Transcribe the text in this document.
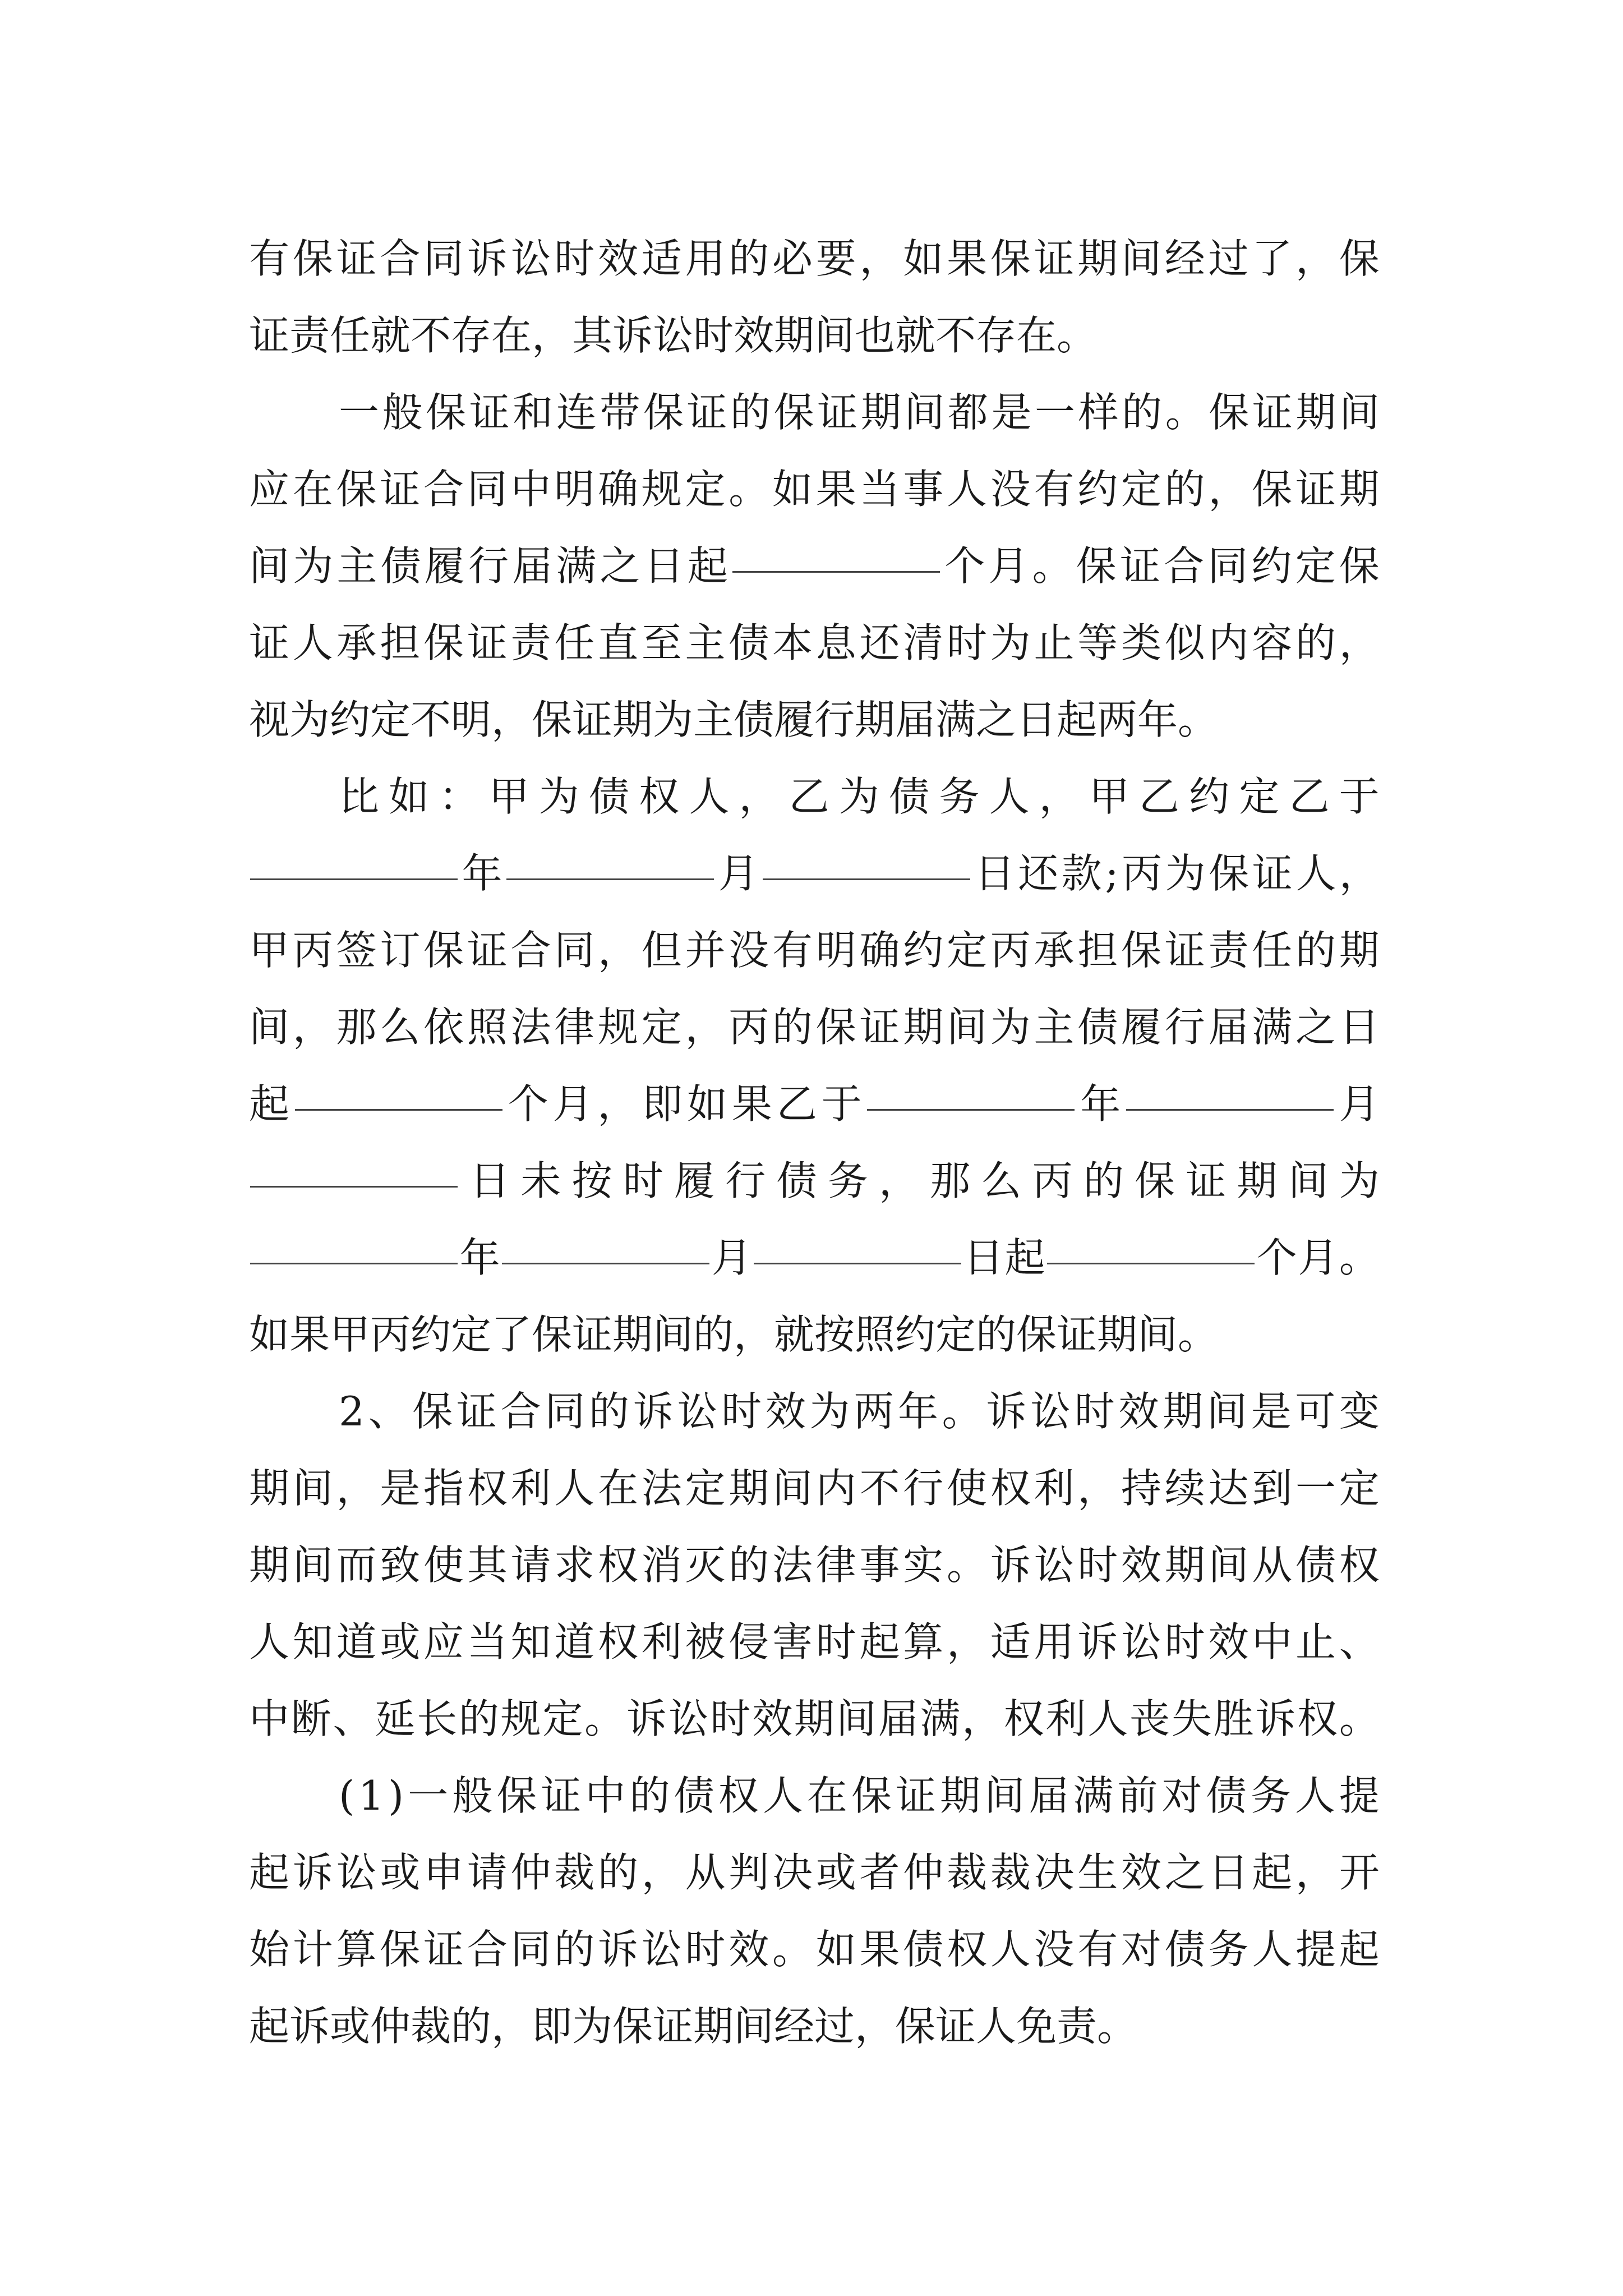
有 保 证 合 同 诉 讼 时 效 适 用 的 必 要 ， 如 果 保 证 期 间 经 过 了 ， 保
证责任就不存在，其诉讼时效期间也就不存在。
一 般 保 证 和 连 带 保 证 的 保 证 期 间 都 是 一 样 的 。 保 证 期 间
应 在 保 证 合 同 中 明 确 规 定 。 如 果 当 事 人 没 有 约 定 的 ， 保 证 期
间 为 主 债 履 行 届 满 之 日 起	个 月 。 保 证 合 同 约 定 保
证 人 承 担 保 证 责 任 直 至 主 债 本 息 还 清 时 为 止 等 类 似 内 容 的 ，
视为约定不明，保证期为主债履行期届满之日起两年。
比 如 ： 甲 为 债 权 人 ， 乙 为 债 务 人 ， 甲 乙 约 定 乙 于
年	月	日 还 款 ; 丙 为 保 证 人 ，
甲 丙 签 订 保 证 合 同 ， 但 并 没 有 明 确 约 定 丙 承 担 保 证 责 任 的 期
间 ， 那 么 依 照 法 律 规 定 ， 丙 的 保 证 期 间 为 主 债 履 行 届 满 之 日
起	个 月 ， 即 如 果 乙 于	年	月
日 未 按 时 履 行 债 务 ， 那 么 丙 的 保 证 期 间 为
年	月	日 起	个 月 。
如果甲丙约定了保证期间的，就按照约定的保证期间。
2 、 保 证 合 同 的 诉 讼 时 效 为 两 年 。 诉 讼 时 效 期 间 是 可 变
期 间 ， 是 指 权 利 人 在 法 定 期 间 内 不 行 使 权 利 ， 持 续 达 到 一 定
期 间 而 致 使 其 请 求 权 消 灭 的 法 律 事 实 。 诉 讼 时 效 期 间 从 债 权
人 知 道 或 应 当 知 道 权 利 被 侵 害 时 起 算 ， 适 用 诉 讼 时 效 中 止 、
中 断 、 延 长 的 规 定 。 诉 讼 时 效 期 间 届 满 ， 权 利 人 丧 失 胜 诉 权 。
( 1 ) 一 般 保 证 中 的 债 权 人 在 保 证 期 间 届 满 前 对 债 务 人 提
起 诉 讼 或 申 请 仲 裁 的 ， 从 判 决 或 者 仲 裁 裁 决 生 效 之 日 起 ， 开
始 计 算 保 证 合 同 的 诉 讼 时 效 。 如 果 债 权 人 没 有 对 债 务 人 提 起
起诉或仲裁的，即为保证期间经过，保证人免责。
